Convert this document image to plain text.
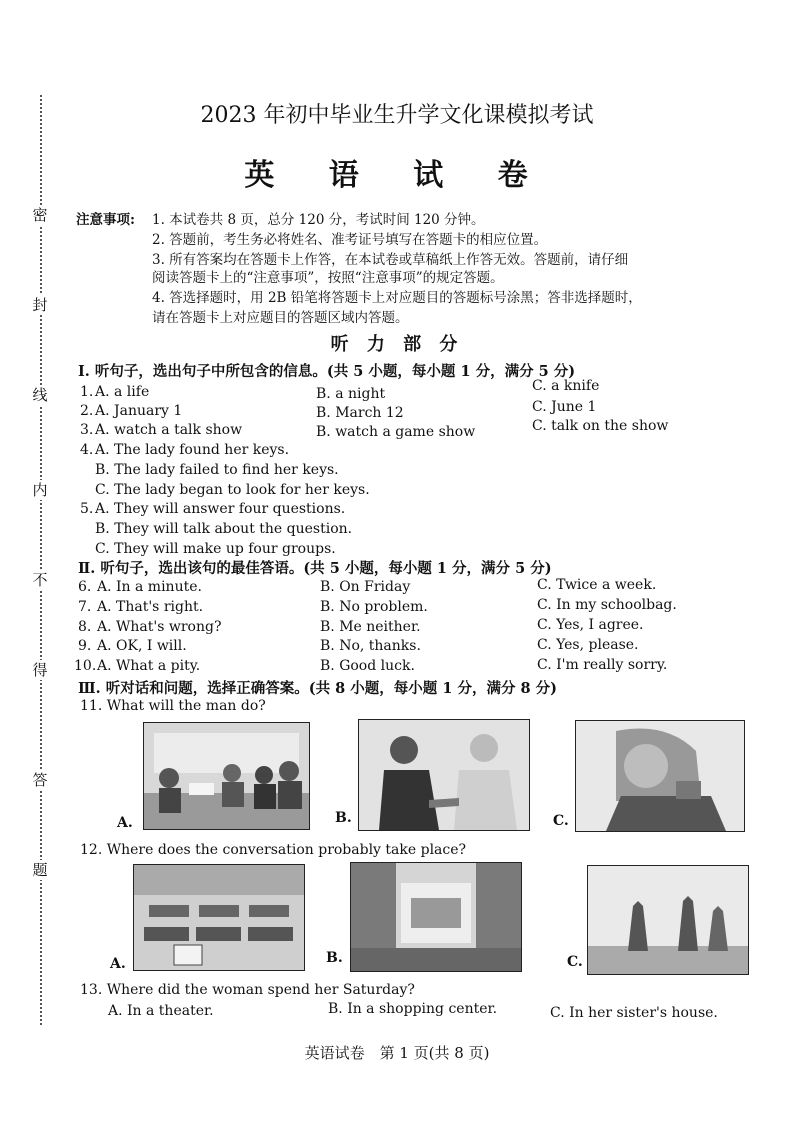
密
封
线
内
不
得
答
题
2023 年初中毕业生升学文化课模拟考试
英 语 试 卷
注意事项: 1. 本试卷共 8 页，总分 120 分，考试时间 120 分钟。
2. 答题前，考生务必将姓名、准考证号填写在答题卡的相应位置。
3. 所有答案均在答题卡上作答，在本试卷或草稿纸上作答无效。答题前，请仔细
阅读答题卡上的“注意事项”，按照“注意事项”的规定答题。
4. 答选择题时，用 2B 铅笔将答题卡上对应题目的答题标号涂黑；答非选择题时，
请在答题卡上对应题目的答题区域内答题。
听 力 部 分
Ⅰ. 听句子，选出句子中所包含的信息。(共 5 小题，每小题 1 分，满分 5 分)
1. A. a life	B. a night	C. a knife
2. A. January 1	B. March 12	C. June 1
3. A. watch a talk show	B. watch a game show	C. talk on the show
4. A. The lady found her keys.
B. The lady failed to find her keys.
C. The lady began to look for her keys.
5. A. They will answer four questions.
B. They will talk about the question.
C. They will make up four groups.
Ⅱ. 听句子，选出该句的最佳答语。(共 5 小题，每小题 1 分，满分 5 分)
6. A. In a minute.	B. On Friday	C. Twice a week.
7. A. That's right.	B. No problem.	C. In my schoolbag.
8. A. What's wrong?	B. Me neither.	C. Yes, I agree.
9. A. OK, I will.	B. No, thanks.	C. Yes, please.
10. A. What a pity.	B. Good luck.	C. I'm really sorry.
Ⅲ. 听对话和问题，选择正确答案。(共 8 小题，每小题 1 分，满分 8 分)
11. What will the man do?
A.	B.	C.
12. Where does the conversation probably take place?
A.	B.	C.
13. Where did the woman spend her Saturday?
A. In a theater.	B. In a shopping center.	C. In her sister's house.
英语试卷　第 1 页(共 8 页)
